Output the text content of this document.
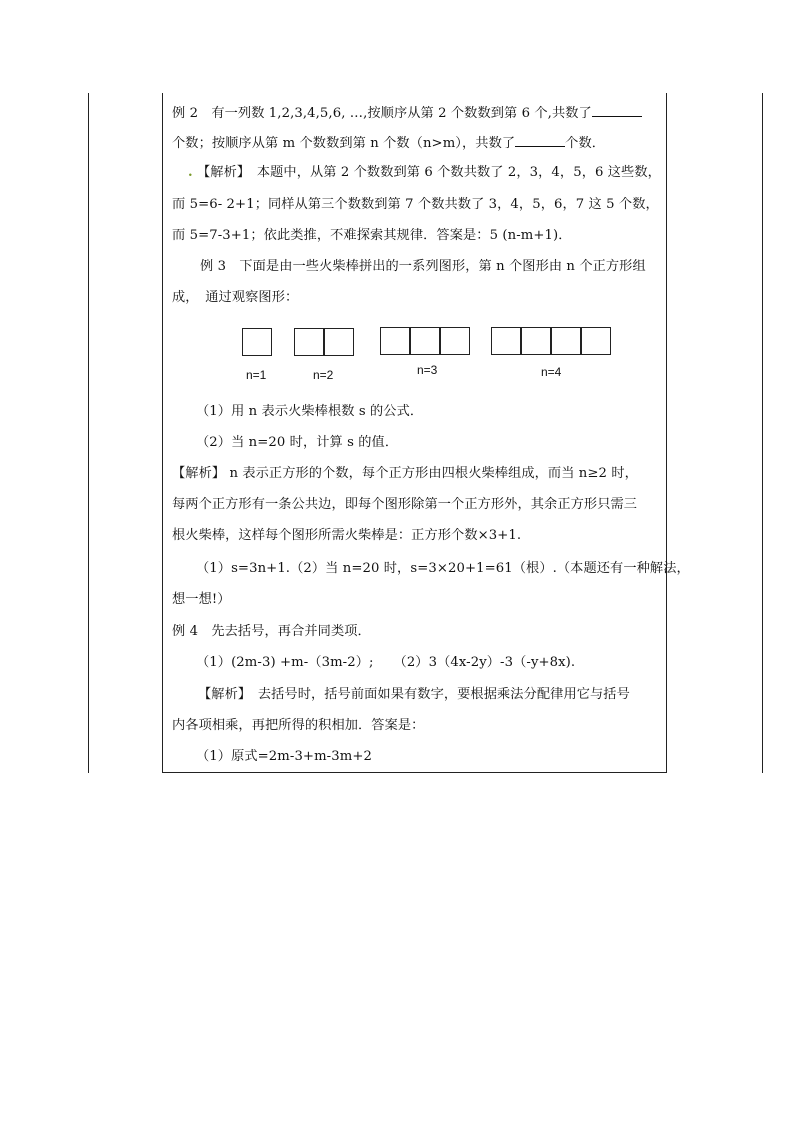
例 2　有一列数 1,2,3,4,5,6, …,按顺序从第 2 个数数到第 6 个,共数了
个数；按顺序从第 m 个数数到第 n 个数（n>m），共数了	个数．
. 【解析】　本题中，从第 2 个数数到第 6 个数共数了 2，3，4，5，6 这些数，
而 5=6- 2+1；同样从第三个数数到第 7 个数共数了 3，4，5，6，7 这 5 个数，
而 5=7-3+1；依此类推，不难探索其规律．答案是：5 (n-m+1)．
例 3　下面是由一些火柴棒拼出的一系列图形，第 n 个图形由 n 个正方形组
成，　通过观察图形：
n=1	n=2	n=3	n=4
（1）用 n 表示火柴棒根数 s 的公式．
（2）当 n=20 时，计算 s 的值．
【解析】 n 表示正方形的个数，每个正方形由四根火柴棒组成，而当 n≥2 时，
每两个正方形有一条公共边，即每个图形除第一个正方形外，其余正方形只需三
根火柴棒，这样每个图形所需火柴棒是：正方形个数×3+1.
（1）s=3n+1.（2）当 n=20 时，s=3×20+1=61（根）.（本题还有一种解法，
想一想!）
例 4　先去括号，再合并同类项．
（1）(2m-3) +m-（3m-2）;　　（2）3（4x-2y）-3（-y+8x).
【解析】　去括号时，括号前面如果有数字，要根据乘法分配律用它与括号
内各项相乘，再把所得的积相加．答案是：
（1）原式=2m-3+m-3m+2
